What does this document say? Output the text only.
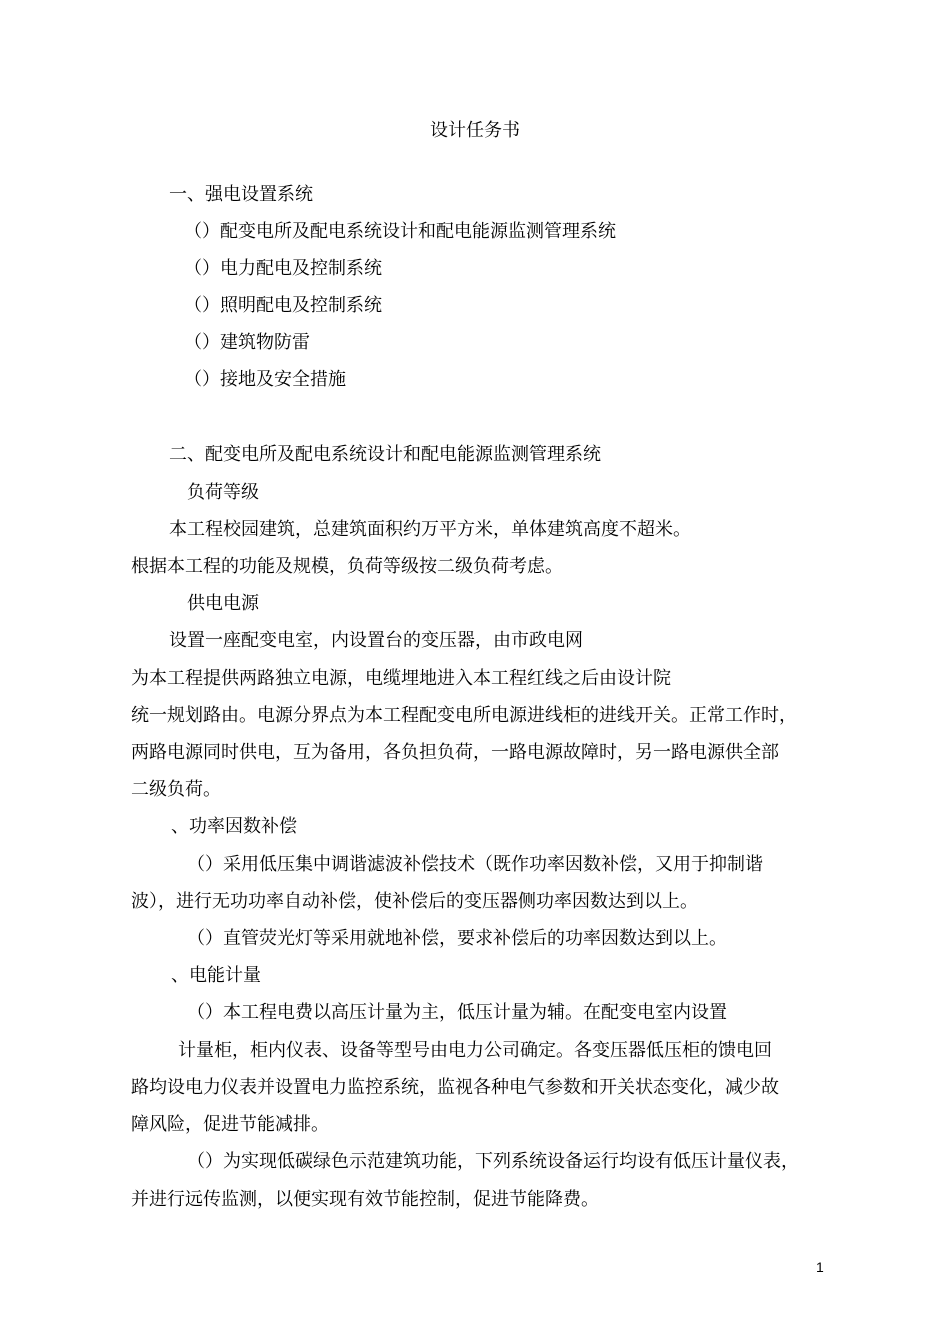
设计任务书
一、强电设置系统
（）配变电所及配电系统设计和配电能源监测管理系统
（）电力配电及控制系统
（）照明配电及控制系统
（）建筑物防雷
（）接地及安全措施
二、配变电所及配电系统设计和配电能源监测管理系统
负荷等级
本工程校园建筑，总建筑面积约万平方米，单体建筑高度不超米。
根据本工程的功能及规模，负荷等级按二级负荷考虑。
供电电源
设置一座配变电室，内设置台的变压器，由市政电网
为本工程提供两路独立电源，电缆埋地进入本工程红线之后由设计院
统一规划路由。电源分界点为本工程配变电所电源进线柜的进线开关。正常工作时，
两路电源同时供电，互为备用，各负担负荷，一路电源故障时，另一路电源供全部
二级负荷。
、功率因数补偿
（）采用低压集中调谐滤波补偿技术（既作功率因数补偿，又用于抑制谐
波），进行无功功率自动补偿，使补偿后的变压器侧功率因数达到以上。
（）直管荧光灯等采用就地补偿，要求补偿后的功率因数达到以上。
、电能计量
（）本工程电费以高压计量为主，低压计量为辅。在配变电室内设置
计量柜，柜内仪表、设备等型号由电力公司确定。各变压器低压柜的馈电回
路均设电力仪表并设置电力监控系统，监视各种电气参数和开关状态变化，减少故
障风险，促进节能减排。
（）为实现低碳绿色示范建筑功能，下列系统设备运行均设有低压计量仪表，
并进行远传监测，以便实现有效节能控制，促进节能降费。
1
